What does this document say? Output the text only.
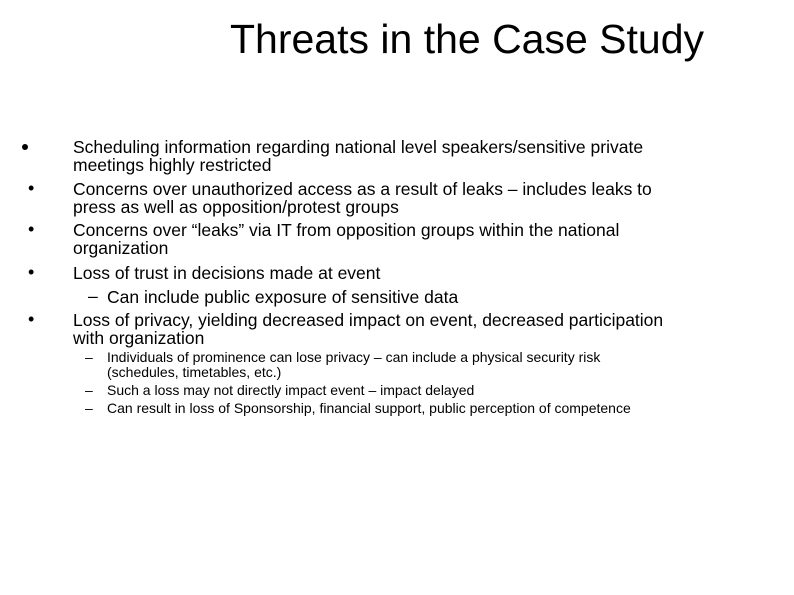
Threats in the Case Study
Scheduling information regarding national level speakers/sensitive private
meetings highly restricted
• Concerns over unauthorized access as a result of leaks – includes leaks to
press as well as opposition/protest groups
• Concerns over “leaks” via IT from opposition groups within the national
organization
• Loss of trust in decisions made at event
– Can include public exposure of sensitive data
• Loss of privacy, yielding decreased impact on event, decreased participation
with organization
– Individuals of prominence can lose privacy – can include a physical security risk
(schedules, timetables, etc.)
– Such a loss may not directly impact event – impact delayed
– Can result in loss of Sponsorship, financial support, public perception of competence
